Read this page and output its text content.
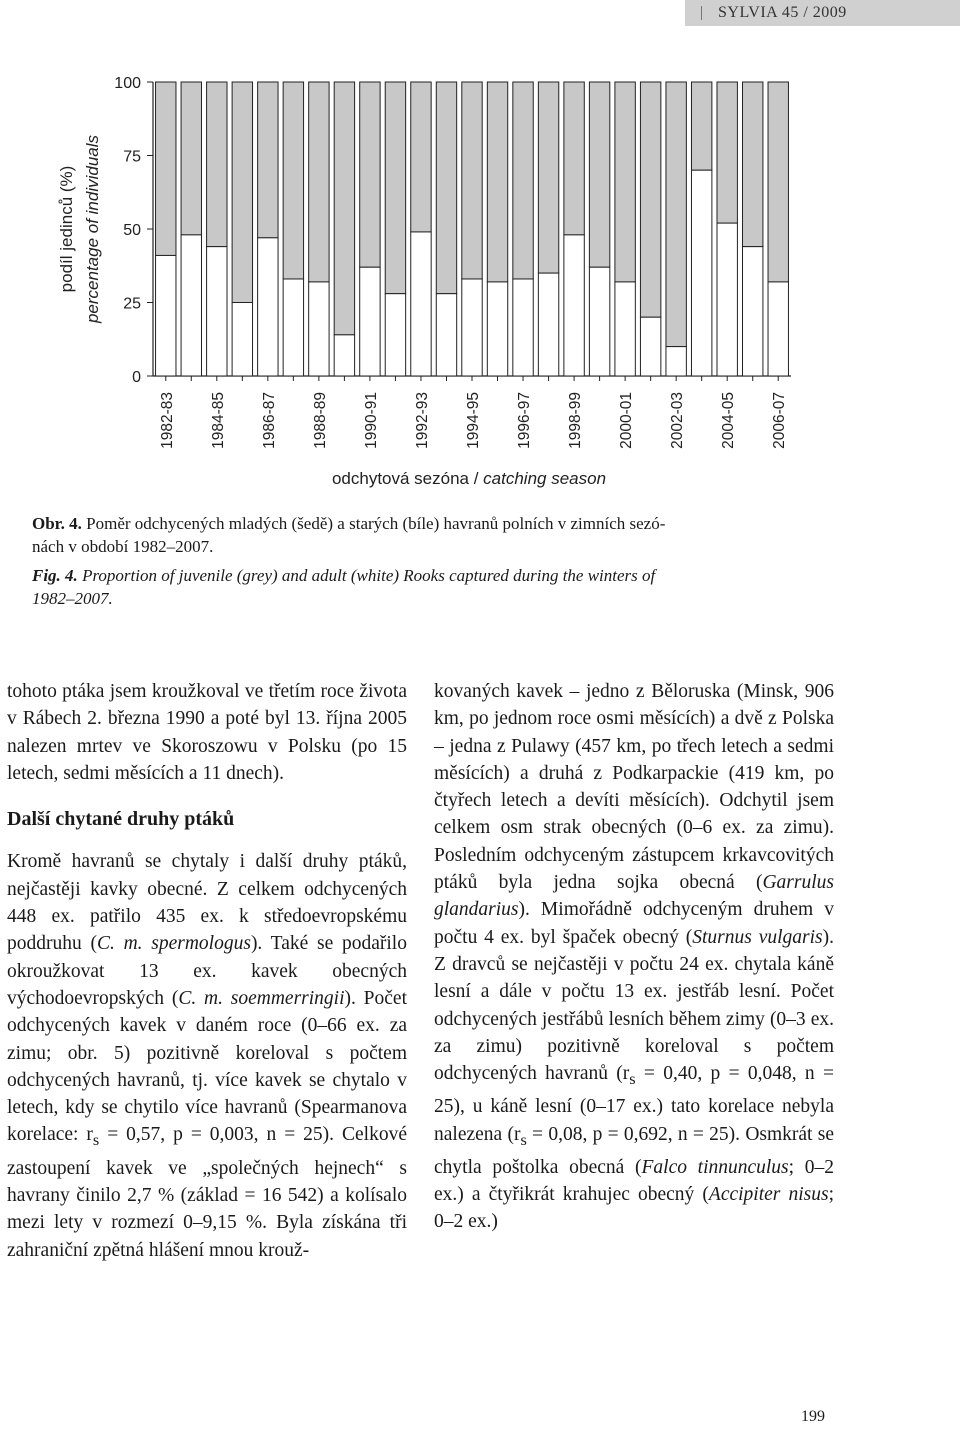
SYLVIA 45 / 2009
0
25
50
75
100
1982-83 1984-85 1986-87 1988-89 1990-91 1992-93 1994-95 1996-97 1998-99 2000-01 2002-03 2004-05 2006-07
podíl jedinců (%) percentage of individuals
odchytová sezóna / catching season
Obr. 4. Poměr odchycených mladých (šedě) a starých (bíle) havranů polních v zimních sezó-
nách v období 1982–2007.
Fig. 4. Proportion of juvenile (grey) and adult (white) Rooks captured during the winters of
1982–2007.

tohoto ptáka jsem kroužkoval ve třetím roce života v Rábech 2. března 1990 a poté byl 13. října 2005 nalezen mrtev ve Skoroszowu v Polsku (po 15 letech, sedmi měsících a 11 dnech).

Další chytané druhy ptáků

Kromě havranů se chytaly i další druhy ptáků, nejčastěji kavky obecné. Z celkem odchycených 448 ex. patřilo 435 ex. k středoevropskému poddruhu (C. m. spermologus). Také se podařilo okroužkovat 13 ex. kavek obecných východoevropských (C. m. soemmerringii). Počet odchycených kavek v daném roce (0–66 ex. za zimu; obr. 5) pozitivně koreloval s počtem odchycených havranů, tj. více kavek se chytalo v letech, kdy se chytilo více havranů (Spearmanova korelace: $r_s = 0,57$, p = 0,003, n = 25). Celkové zastoupení kavek ve „společných hejnech“ s havrany činilo 2,7 % (základ = 16 542) a kolísalo mezi lety v rozmezí 0–9,15 %. Byla získána tři zahraniční zpětná hlášení mnou krouž-

kovaných kavek – jedno z Běloruska (Minsk, 906 km, po jednom roce osmi měsících) a dvě z Polska – jedna z Pulawy (457 km, po třech letech a sedmi měsících) a druhá z Podkarpackie (419 km, po čtyřech letech a devíti měsících). Odchytil jsem celkem osm strak obecných (0–6 ex. za zimu). Posledním odchyceným zástupcem krkavcovitých ptáků byla jedna sojka obecná (Garrulus glandarius). Mimořádně odchyceným druhem v počtu 4 ex. byl špaček obecný (Sturnus vulgaris). Z dravců se nejčastěji v počtu 24 ex. chytala káně lesní a dále v počtu 13 ex. jestřáb lesní. Počet odchycených jestřábů lesních během zimy (0–3 ex. za zimu) pozitivně koreloval s počtem odchycených havranů ($r_s = 0,40$, p = 0,048, n = 25), u káně lesní (0–17 ex.) tato korelace nebyla nalezena ($r_s = 0,08$, p = 0,692, n = 25). Osmkrát se chytla poštolka obecná (Falco tinnunculus; 0–2 ex.) a čtyřikrát krahujec obecný (Accipiter nisus; 0–2 ex.)

199
